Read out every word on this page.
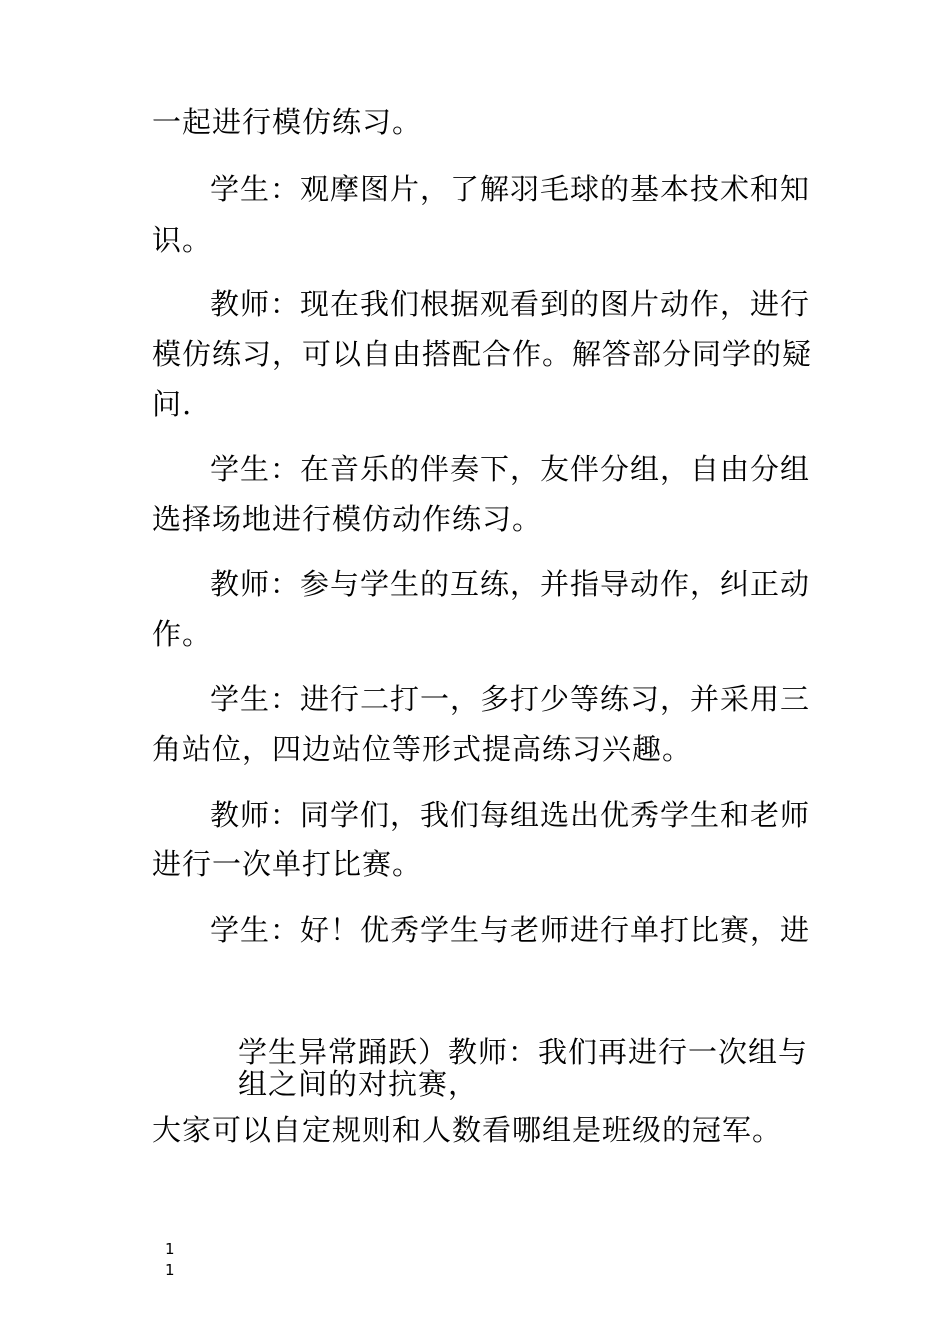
一起进行模仿练习。
学生：观摩图片，了解羽毛球的基本技术和知
识。
教师：现在我们根据观看到的图片动作，进行
模仿练习，可以自由搭配合作。解答部分同学的疑
问.
学生：在音乐的伴奏下，友伴分组，自由分组
选择场地进行模仿动作练习。
教师：参与学生的互练，并指导动作，纠正动
作。
学生：进行二打一，多打少等练习，并采用三
角站位，四边站位等形式提高练习兴趣。
教师：同学们，我们每组选出优秀学生和老师
进行一次单打比赛。
学生：好！优秀学生与老师进行单打比赛，进
学生异常踊跃）教师：我们再进行一次组与
组之间的对抗赛，
大家可以自定规则和人数看哪组是班级的冠军。
1
1
